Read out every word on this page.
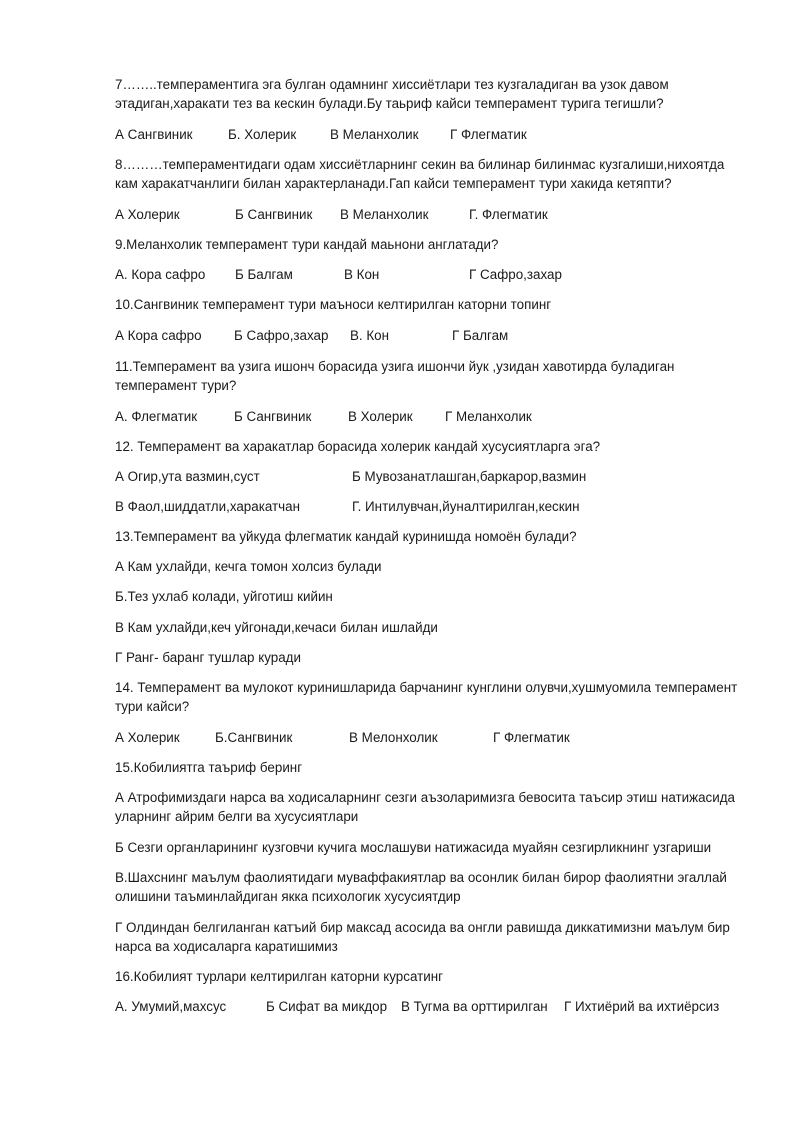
7……..темпераментига эга булган одамнинг хиссиётлари тез кузгаладиган ва узок давом этадиган,харакати тез ва кескин булади.Бу таьриф кайси темперамент турига тегишли?
А Сангвиник	Б. Холерик	В Меланхолик Г Флегматик
8………темпераментидаги одам хиссиётларнинг секин ва билинар билинмас кузгалиши,нихоятда кам харакатчанлиги билан характерланади.Гап кайси темперамент тури хакида кетяпти?
А Холерик	Б Сангвиник В Меланхолик	Г. Флегматик
9.Меланхолик темперамент тури кандай маьнони англатади?
А. Кора сафро Б Балгам	В Кон	Г Сафро,захар
10.Сангвиник темперамент тури маъноси келтирилган каторни топинг
А Кора сафро Б Сафро,захар В. Кон	Г Балгам
11.Темперамент ва узига ишонч борасида узига ишончи йук ,узидан хавотирда буладиган темперамент тури?
А. Флегматик	Б Сангвиник	В Холерик Г Меланхолик
12. Темперамент ва харакатлар борасида холерик кандай хусусиятларга эга?
А Огир,ута вазмин,суст	Б Мувозанатлашган,баркарор,вазмин
В Фаол,шиддатли,харакатчан	Г. Интилувчан,йуналтирилган,кескин
13.Темперамент ва уйкуда флегматик кандай куринишда номоён булади?
А Кам ухлайди, кечга томон холсиз булади
Б.Тез ухлаб колади, уйготиш кийин
В Кам ухлайди,кеч уйгонади,кечаси билан ишлайди
Г Ранг- баранг тушлар куради
14. Темперамент ва мулокот куринишларида барчанинг кунглини олувчи,хушмуомила темперамент тури кайси?
А Холерик	Б.Сангвиник	В Мелонхолик	Г Флегматик
15.Кобилиятга таъриф беринг
А Атрофимиздаги нарса ва ходисаларнинг сезги аъзоларимизга бевосита таъсир этиш натижасида уларнинг айрим белги ва хусусиятлари
Б Сезги органларининг кузговчи кучига мослашуви натижасида муайян сезгирликнинг узгариши
В.Шахснинг маълум фаолиятидаги муваффакиятлар ва осонлик билан бирор фаолиятни эгаллай олишини таъминлайдиган якка психологик хусусиятдир
Г Олдиндан белгиланган катъий бир максад асосида ва онгли равишда диккатимизни маълум бир нарса ва ходисаларга каратишимиз
16.Кобилият турлари келтирилган каторни курсатинг
А. Умумий,махсус	Б Сифат ва микдор В Тугма ва орттирилган Г Ихтиёрий ва ихтиёрсиз
